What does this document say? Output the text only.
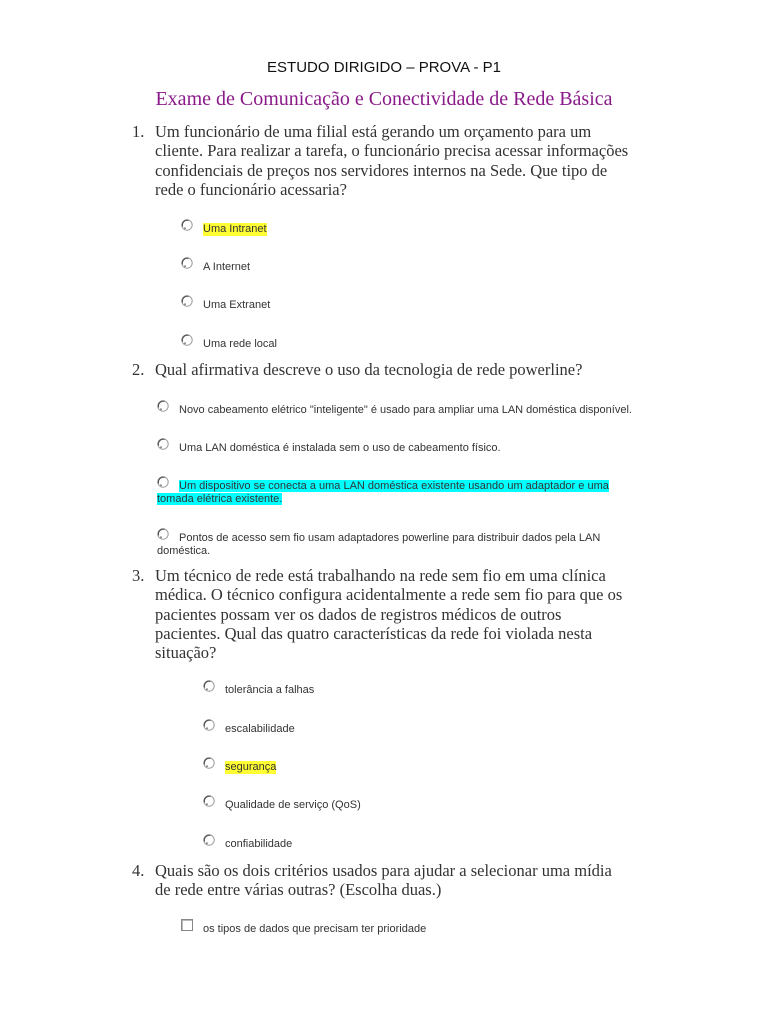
ESTUDO DIRIGIDO – PROVA - P1
Exame de Comunicação e Conectividade de Rede Básica
1. Um funcionário de uma filial está gerando um orçamento para um
cliente. Para realizar a tarefa, o funcionário precisa acessar informações
confidenciais de preços nos servidores internos na Sede. Que tipo de
rede o funcionário acessaria?
Uma Intranet
A Internet
Uma Extranet
Uma rede local
2. Qual afirmativa descreve o uso da tecnologia de rede powerline?
Novo cabeamento elétrico "inteligente" é usado para ampliar uma LAN doméstica disponível.
Uma LAN doméstica é instalada sem o uso de cabeamento físico.
Um dispositivo se conecta a uma LAN doméstica existente usando um adaptador e uma tomada elétrica existente.
Pontos de acesso sem fio usam adaptadores powerline para distribuir dados pela LAN doméstica.
3. Um técnico de rede está trabalhando na rede sem fio em uma clínica
médica. O técnico configura acidentalmente a rede sem fio para que os
pacientes possam ver os dados de registros médicos de outros
pacientes. Qual das quatro características da rede foi violada nesta
situação?
tolerância a falhas
escalabilidade
segurança
Qualidade de serviço (QoS)
confiabilidade
4. Quais são os dois critérios usados para ajudar a selecionar uma mídia
de rede entre várias outras? (Escolha duas.)
os tipos de dados que precisam ter prioridade
